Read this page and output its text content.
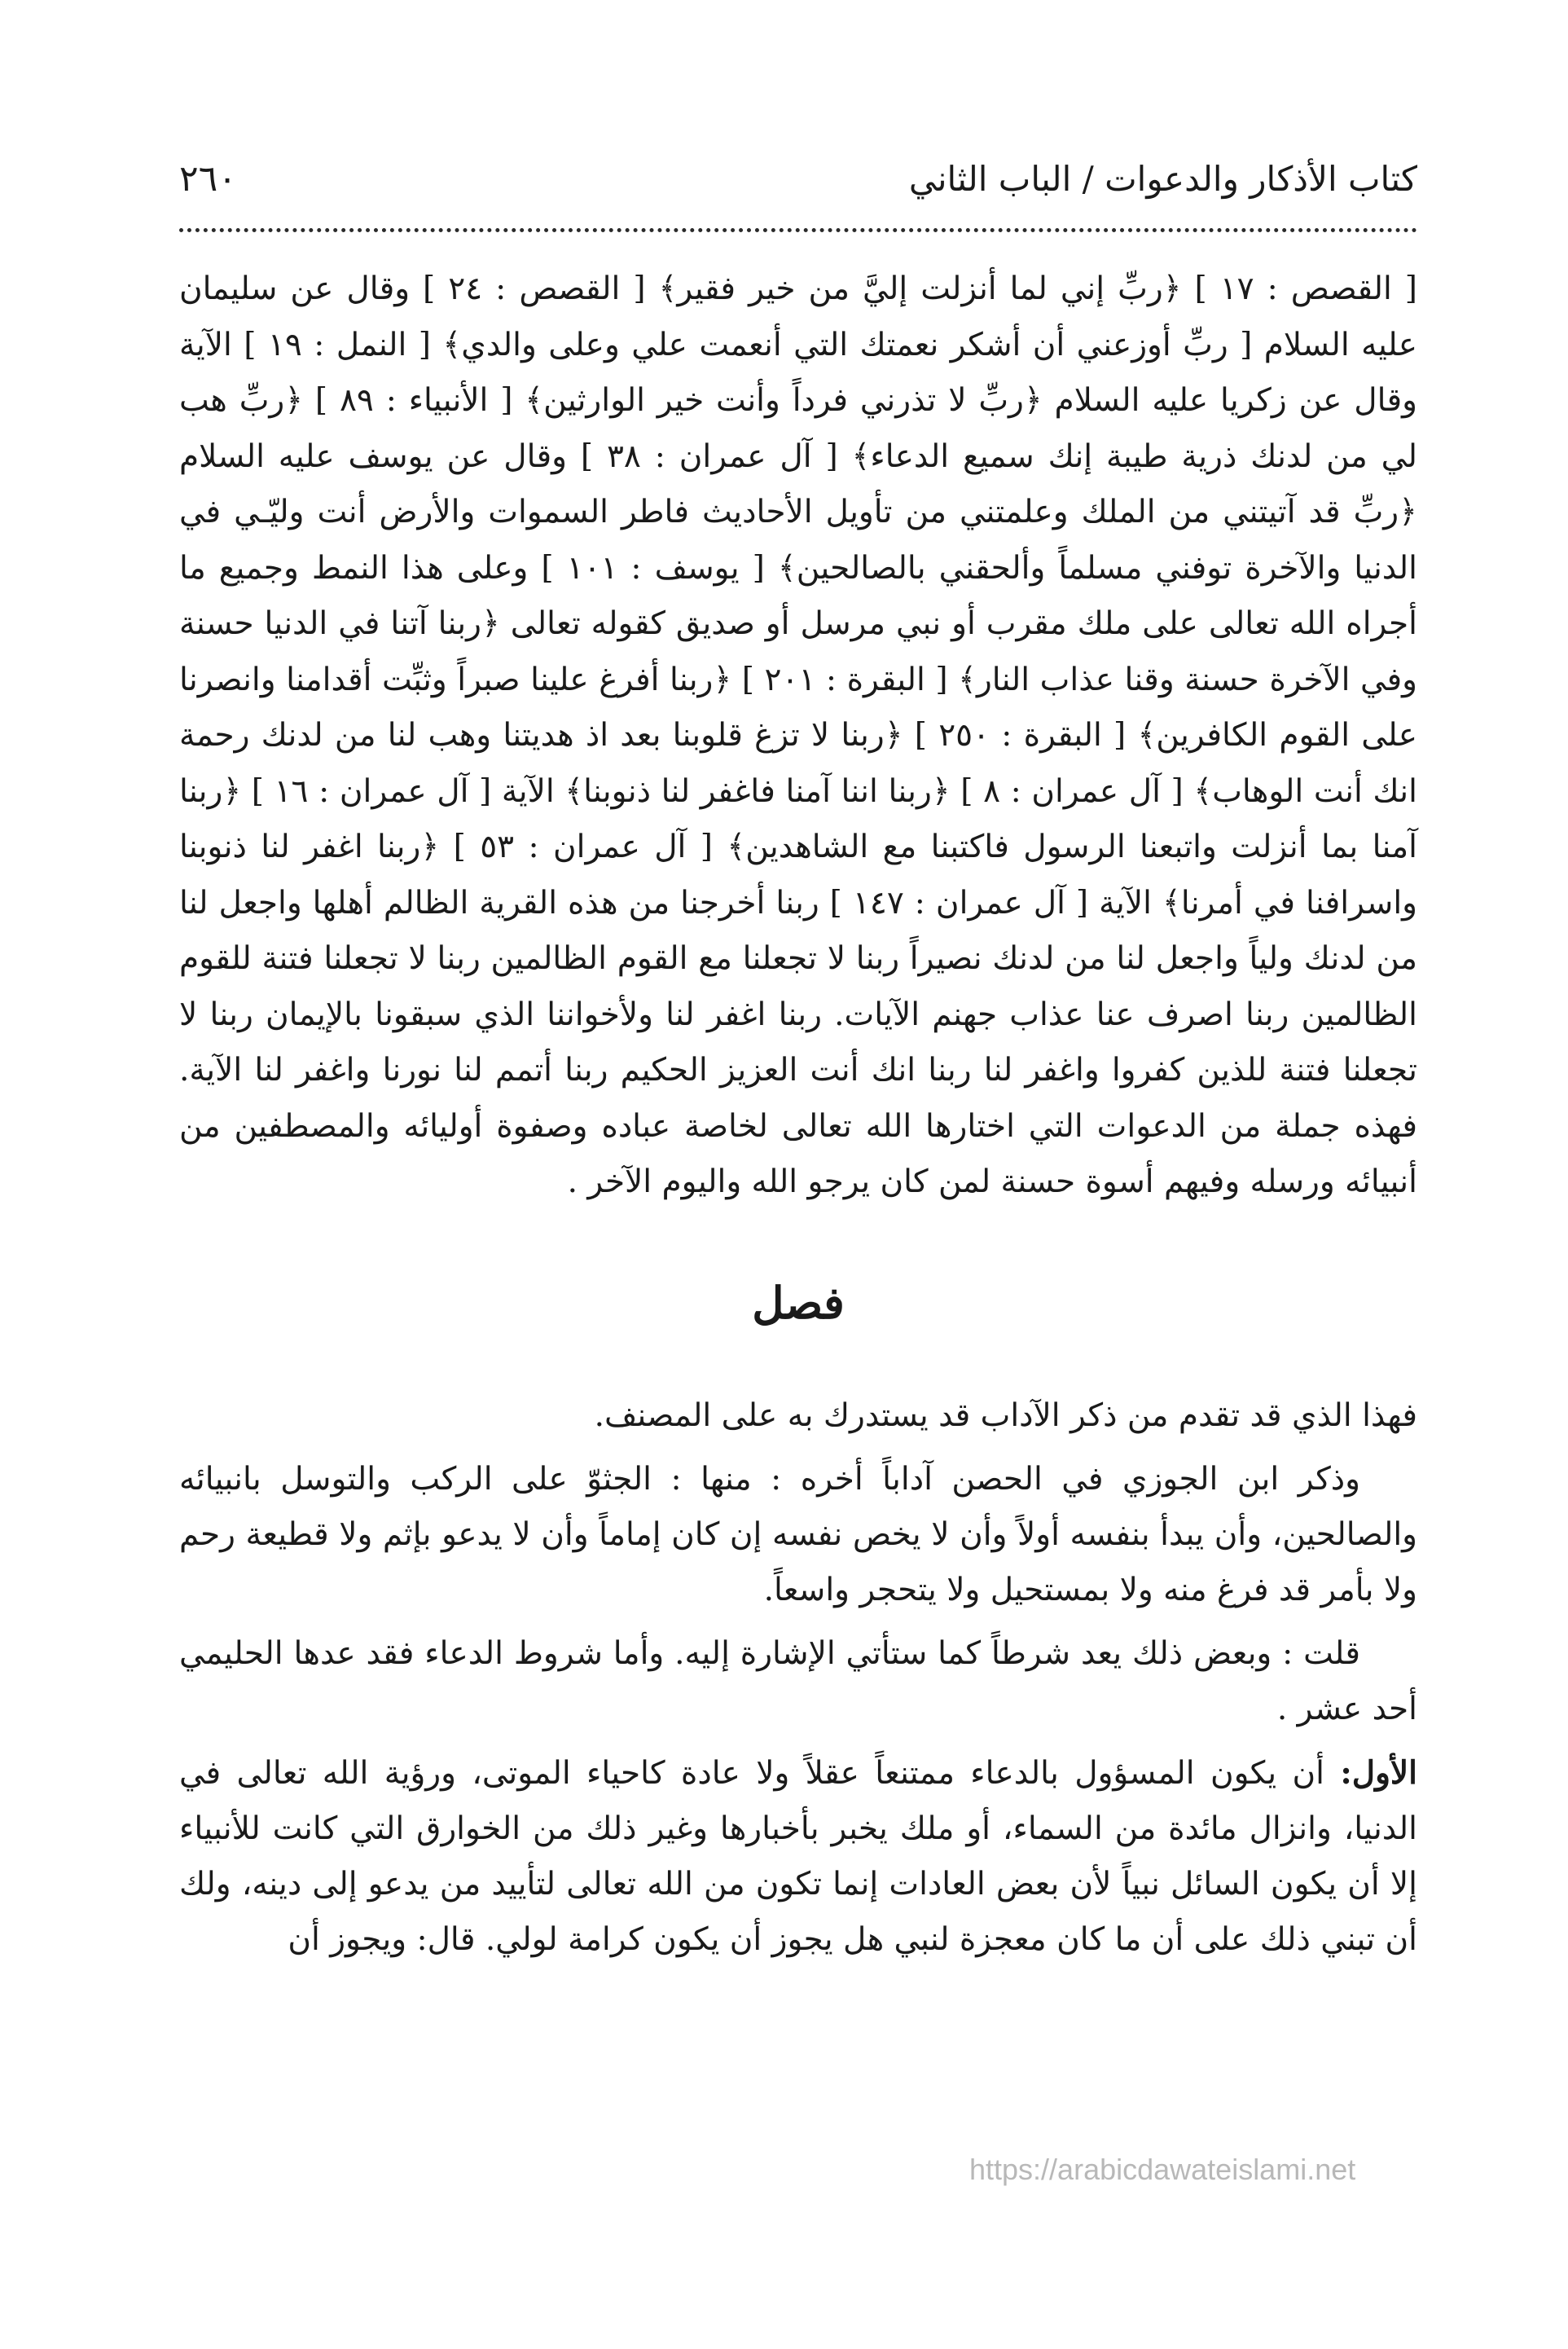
كتاب الأذكار والدعوات / الباب الثاني
٢٦٠

[ القصص : ١٧ ] ﴿ربِّ إني لما أنزلت إليَّ من خير فقير﴾ [ القصص : ٢٤ ] وقال عن سليمان عليه السلام [ ربِّ أوزعني أن أشكر نعمتك التي أنعمت علي وعلى والدي﴾ [ النمل : ١٩ ] الآية وقال عن زكريا عليه السلام ﴿ربِّ لا تذرني فرداً وأنت خير الوارثين﴾ [ الأنبياء : ٨٩ ] ﴿ربِّ هب لي من لدنك ذرية طيبة إنك سميع الدعاء﴾ [ آل عمران : ٣٨ ] وقال عن يوسف عليه السلام ﴿ربِّ قد آتيتني من الملك وعلمتني من تأويل الأحاديث فاطر السموات والأرض أنت وليّـي في الدنيا والآخرة توفني مسلماً وألحقني بالصالحين﴾ [ يوسف : ١٠١ ] وعلى هذا النمط وجميع ما أجراه الله تعالى على ملك مقرب أو نبي مرسل أو صديق كقوله تعالى ﴿ربنا آتنا في الدنيا حسنة وفي الآخرة حسنة وقنا عذاب النار﴾ [ البقرة : ٢٠١ ] ﴿ربنا أفرغ علينا صبراً وثبِّت أقدامنا وانصرنا على القوم الكافرين﴾ [ البقرة : ٢٥٠ ] ﴿ربنا لا تزغ قلوبنا بعد اذ هديتنا وهب لنا من لدنك رحمة انك أنت الوهاب﴾ [ آل عمران : ٨ ] ﴿ربنا اننا آمنا فاغفر لنا ذنوبنا﴾ الآية [ آل عمران : ١٦ ] ﴿ربنا آمنا بما أنزلت واتبعنا الرسول فاكتبنا مع الشاهدين﴾ [ آل عمران : ٥٣ ] ﴿ربنا اغفر لنا ذنوبنا واسرافنا في أمرنا﴾ الآية [ آل عمران : ١٤٧ ] ربنا أخرجنا من هذه القرية الظالم أهلها واجعل لنا من لدنك ولياً واجعل لنا من لدنك نصيراً ربنا لا تجعلنا مع القوم الظالمين ربنا لا تجعلنا فتنة للقوم الظالمين ربنا اصرف عنا عذاب جهنم الآيات. ربنا اغفر لنا ولأخواننا الذي سبقونا بالإيمان ربنا لا تجعلنا فتنة للذين كفروا واغفر لنا ربنا انك أنت العزيز الحكيم ربنا أتمم لنا نورنا واغفر لنا الآية. فهذه جملة من الدعوات التي اختارها الله تعالى لخاصة عباده وصفوة أوليائه والمصطفين من أنبيائه ورسله وفيهم أسوة حسنة لمن كان يرجو الله واليوم الآخر .

فصل

فهذا الذي قد تقدم من ذكر الآداب قد يستدرك به على المصنف.

وذكر ابن الجوزي في الحصن آداباً أخره : منها : الجثوّ على الركب والتوسل بانبيائه والصالحين، وأن يبدأ بنفسه أولاً وأن لا يخص نفسه إن كان إماماً وأن لا يدعو بإثم ولا قطيعة رحم ولا بأمر قد فرغ منه ولا بمستحيل ولا يتحجر واسعاً.

قلت : وبعض ذلك يعد شرطاً كما ستأتي الإشارة إليه. وأما شروط الدعاء فقد عدها الحليمي أحد عشر .

الأول: أن يكون المسؤول بالدعاء ممتنعاً عقلاً ولا عادة كاحياء الموتى، ورؤية الله تعالى في الدنيا، وانزال مائدة من السماء، أو ملك يخبر بأخبارها وغير ذلك من الخوارق التي كانت للأنبياء إلا أن يكون السائل نبياً لأن بعض العادات إنما تكون من الله تعالى لتأييد من يدعو إلى دينه، ولك أن تبني ذلك على أن ما كان معجزة لنبي هل يجوز أن يكون كرامة لولي. قال: ويجوز أن

https://arabicdawateislami.net
